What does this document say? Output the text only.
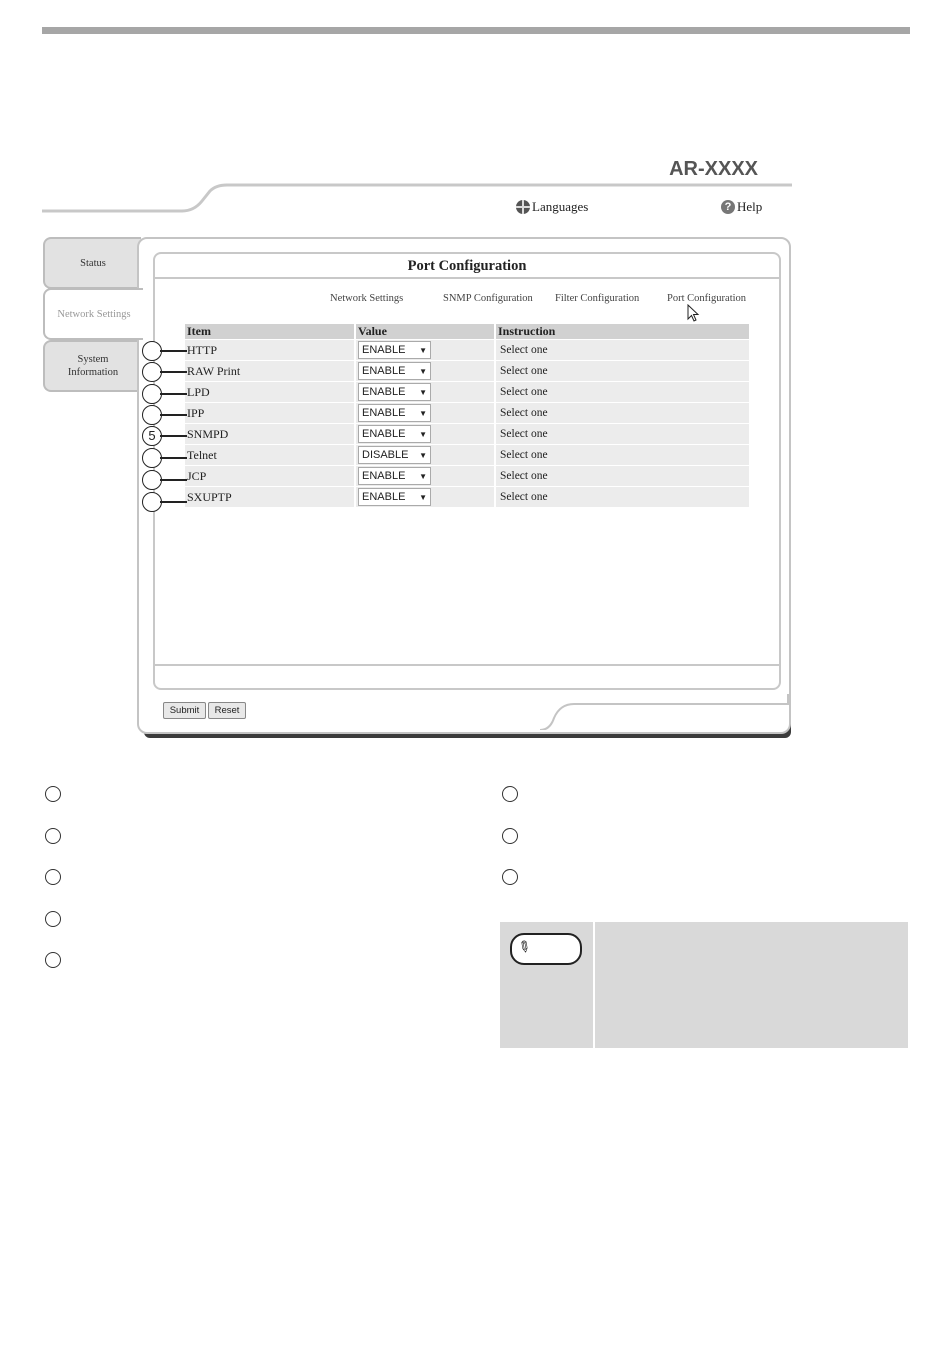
AR-XXXX
Languages	? Help
Status
Network Settings
System
Information
Port Configuration
Network Settings	SNMP Configuration Filter Configuration	Port Configuration
Item	Value	Instruction
HTTP	ENABLE ▼	Select one
RAW Print	ENABLE ▼	Select one
LPD	ENABLE ▼	Select one
IPP	ENABLE ▼	Select one
SNMPD	ENABLE ▼	Select one
Telnet	DISABLE ▼	Select one
JCP	ENABLE ▼	Select one
SXUPTP	ENABLE ▼	Select one
5
Submit	Reset
✎
